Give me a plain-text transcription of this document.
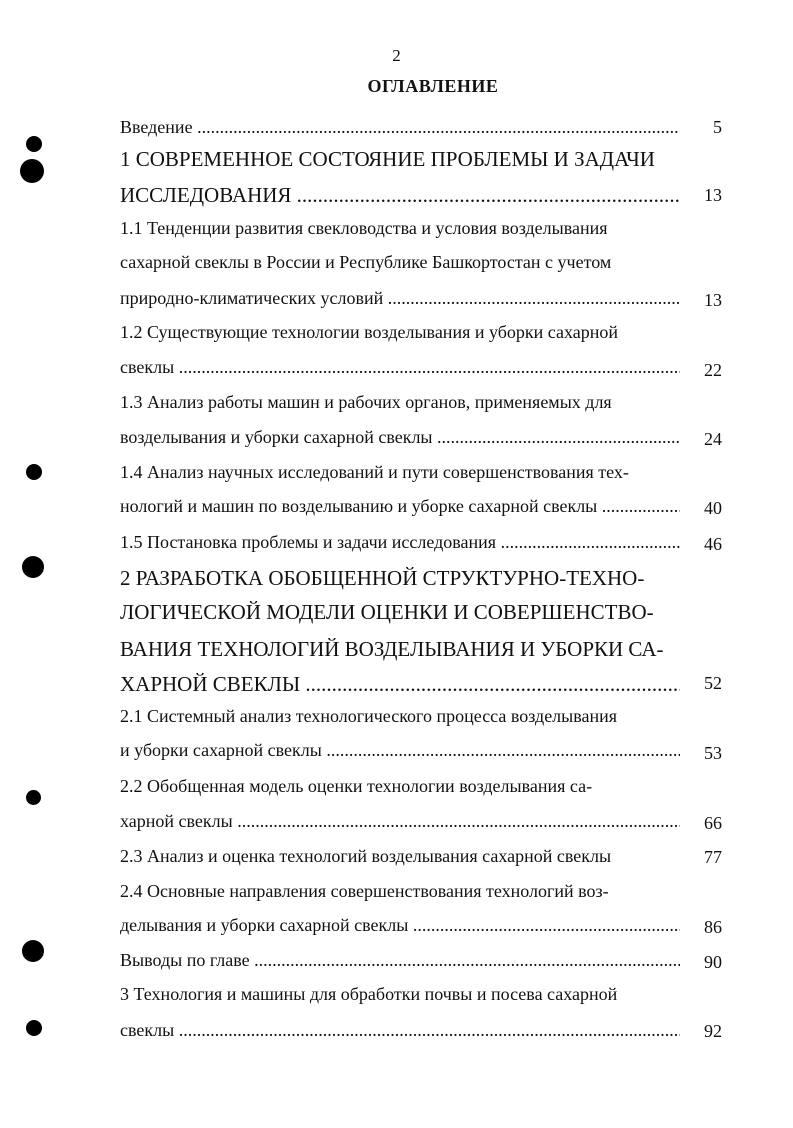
2
ОГЛАВЛЕНИЕ
Введение .....	5
1 СОВРЕМЕННОЕ СОСТОЯНИЕ ПРОБЛЕМЫ И ЗАДАЧИ
ИССЛЕДОВАНИЯ .....	13
1.1 Тенденции развития свекловодства и условия возделывания
сахарной свеклы в России и Республике Башкортостан с учетом
природно-климатических условий .....	13
1.2 Существующие технологии возделывания и уборки сахарной
свеклы .....	22
1.3 Анализ работы машин и рабочих органов, применяемых для
возделывания и уборки сахарной свеклы .....	24
1.4 Анализ научных исследований и пути совершенствования тех-
нологий и машин по возделыванию и уборке сахарной свеклы .....	40
1.5 Постановка проблемы и задачи исследования .....	46
2 РАЗРАБОТКА ОБОБЩЕННОЙ СТРУКТУРНО-ТЕХНО-
ЛОГИЧЕСКОЙ МОДЕЛИ ОЦЕНКИ И СОВЕРШЕНСТВО-
ВАНИЯ ТЕХНОЛОГИЙ ВОЗДЕЛЫВАНИЯ И УБОРКИ СА-
ХАРНОЙ СВЕКЛЫ .....	52
2.1 Системный анализ технологического процесса возделывания
и уборки сахарной свеклы .....	53
2.2 Обобщенная модель оценки технологии возделывания са-
харной свеклы .....	66
2.3 Анализ и оценка технологий возделывания сахарной свеклы	77
2.4 Основные направления совершенствования технологий воз-
делывания и уборки сахарной свеклы .....	86
Выводы по главе .....	90
3 Технология и машины для обработки почвы и посева сахарной
свеклы .....	92
